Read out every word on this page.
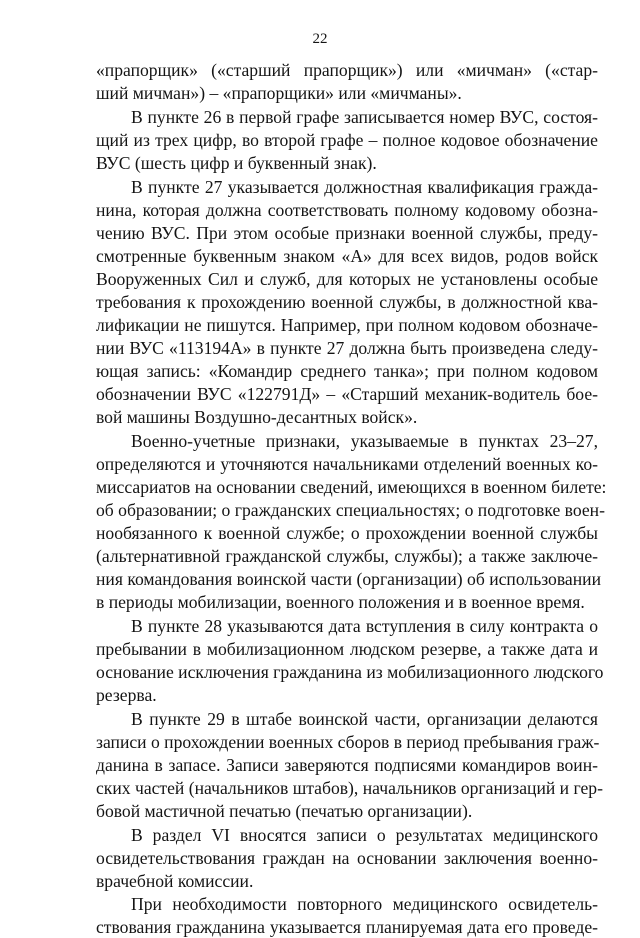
22
«прапорщик» («старший прапорщик») или «мичман» («стар-
ший мичман») – «прапорщики» или «мичманы».
В пункте 26 в первой графе записывается номер ВУС, состоя-
щий из трех цифр, во второй графе – полное кодовое обозначение
ВУС (шесть цифр и буквенный знак).
В пункте 27 указывается должностная квалификация гражда-
нина, которая должна соответствовать полному кодовому обозна-
чению ВУС. При этом особые признаки военной службы, преду-
смотренные буквенным знаком «А» для всех видов, родов войск
Вооруженных Сил и служб, для которых не установлены особые
требования к прохождению военной службы, в должностной ква-
лификации не пишутся. Например, при полном кодовом обозначе-
нии ВУС «113194А» в пункте 27 должна быть произведена следу-
ющая запись: «Командир среднего танка»; при полном кодовом
обозначении ВУС «122791Д» – «Старший механик-водитель бое-
вой машины Воздушно-десантных войск».
Военно-учетные признаки, указываемые в пунктах 23–27,
определяются и уточняются начальниками отделений военных ко-
миссариатов на основании сведений, имеющихся в военном билете:
об образовании; о гражданских специальностях; о подготовке воен-
нообязанного к военной службе; о прохождении военной службы
(альтернативной гражданской службы, службы); а также заключе-
ния командования воинской части (организации) об использовании
в периоды мобилизации, военного положения и в военное время.
В пункте 28 указываются дата вступления в силу контракта о
пребывании в мобилизационном людском резерве, а также дата и
основание исключения гражданина из мобилизационного людского
резерва.
В пункте 29 в штабе воинской части, организации делаются
записи о прохождении военных сборов в период пребывания граж-
данина в запасе. Записи заверяются подписями командиров воин-
ских частей (начальников штабов), начальников организаций и гер-
бовой мастичной печатью (печатью организации).
В раздел VI вносятся записи о результатах медицинского
освидетельствования граждан на основании заключения военно-
врачебной комиссии.
При необходимости повторного медицинского освидетель-
ствования гражданина указывается планируемая дата его проведе-
